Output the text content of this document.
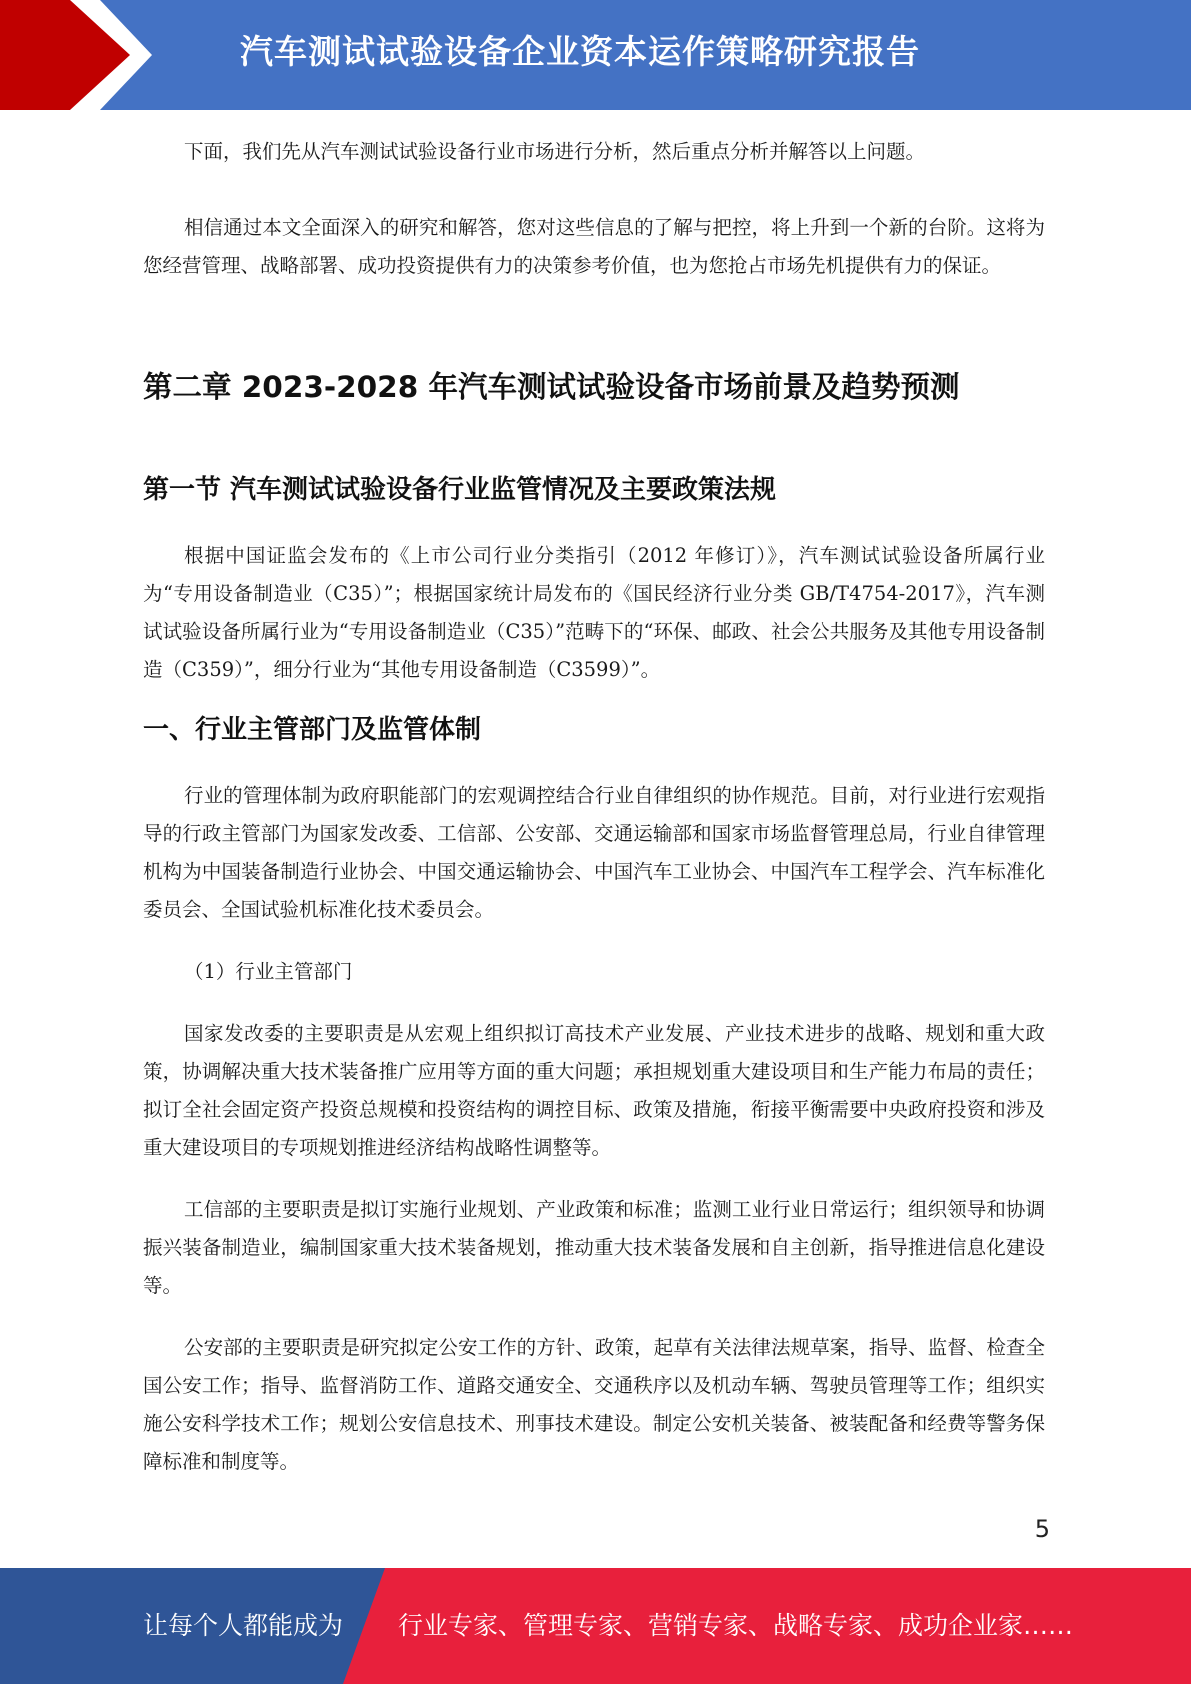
汽车测试试验设备企业资本运作策略研究报告

下面，我们先从汽车测试试验设备行业市场进行分析，然后重点分析并解答以上问题。

相信通过本文全面深入的研究和解答，您对这些信息的了解与把控，将上升到一个新的台阶。这将为您经营管理、战略部署、成功投资提供有力的决策参考价值，也为您抢占市场先机提供有力的保证。

第二章 2023-2028 年汽车测试试验设备市场前景及趋势预测
第一节 汽车测试试验设备行业监管情况及主要政策法规

根据中国证监会发布的《上市公司行业分类指引（2012 年修订）》，汽车测试试验设备所属行业为“专用设备制造业（C35）”；根据国家统计局发布的《国民经济行业分类 GB/T4754-2017》，汽车测试试验设备所属行业为“专用设备制造业（C35）”范畴下的“环保、邮政、社会公共服务及其他专用设备制造（C359）”，细分行业为“其他专用设备制造（C3599）”。

一、行业主管部门及监管体制

行业的管理体制为政府职能部门的宏观调控结合行业自律组织的协作规范。目前，对行业进行宏观指导的行政主管部门为国家发改委、工信部、公安部、交通运输部和国家市场监督管理总局，行业自律管理机构为中国装备制造行业协会、中国交通运输协会、中国汽车工业协会、中国汽车工程学会、汽车标准化委员会、全国试验机标准化技术委员会。

（1）行业主管部门

国家发改委的主要职责是从宏观上组织拟订高技术产业发展、产业技术进步的战略、规划和重大政策，协调解决重大技术装备推广应用等方面的重大问题；承担规划重大建设项目和生产能力布局的责任；拟订全社会固定资产投资总规模和投资结构的调控目标、政策及措施，衔接平衡需要中央政府投资和涉及重大建设项目的专项规划推进经济结构战略性调整等。

工信部的主要职责是拟订实施行业规划、产业政策和标准；监测工业行业日常运行；组织领导和协调振兴装备制造业，编制国家重大技术装备规划，推动重大技术装备发展和自主创新，指导推进信息化建设等。

公安部的主要职责是研究拟定公安工作的方针、政策，起草有关法律法规草案，指导、监督、检查全国公安工作；指导、监督消防工作、道路交通安全、交通秩序以及机动车辆、驾驶员管理等工作；组织实施公安科学技术工作；规划公安信息技术、刑事技术建设。制定公安机关装备、被装配备和经费等警务保障标准和制度等。

5
让每个人都能成为 行业专家、管理专家、营销专家、战略专家、成功企业家……
